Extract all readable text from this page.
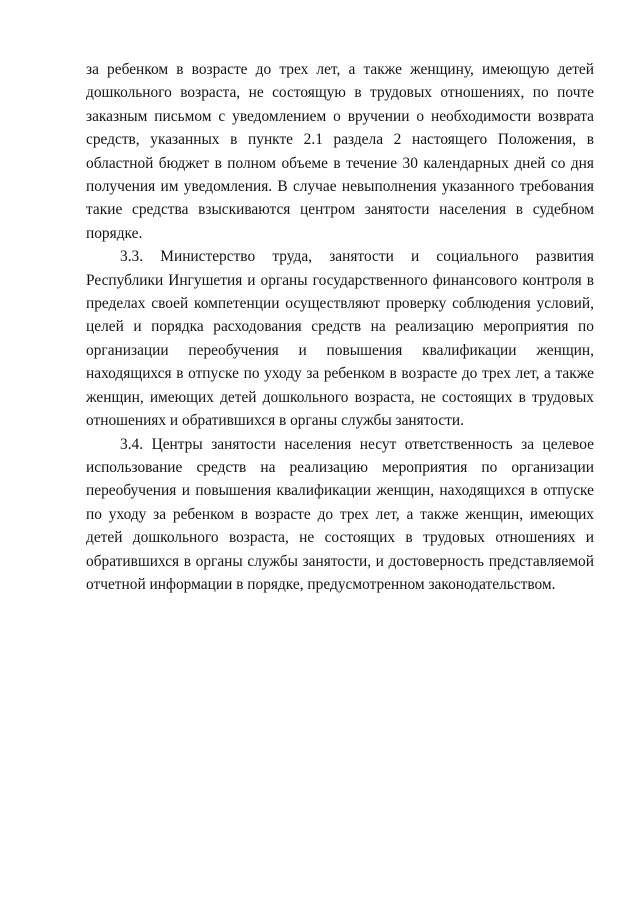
за ребенком в возрасте до трех лет, а также женщину, имеющую детей дошкольного возраста, не состоящую в трудовых отношениях, по почте заказным письмом с уведомлением о вручении о необходимости возврата средств, указанных в пункте 2.1 раздела 2 настоящего Положения, в областной бюджет в полном объеме в течение 30 календарных дней со дня получения им уведомления. В случае невыполнения указанного требования такие средства взыскиваются центром занятости населения в судебном порядке.

3.3. Министерство труда, занятости и социального развития Республики Ингушетия и органы государственного финансового контроля в пределах своей компетенции осуществляют проверку соблюдения условий, целей и порядка расходования средств на реализацию мероприятия по организации переобучения и повышения квалификации женщин, находящихся в отпуске по уходу за ребенком в возрасте до трех лет, а также женщин, имеющих детей дошкольного возраста, не состоящих в трудовых отношениях и обратившихся в органы службы занятости.

3.4. Центры занятости населения несут ответственность за целевое использование средств на реализацию мероприятия по организации переобучения и повышения квалификации женщин, находящихся в отпуске по уходу за ребенком в возрасте до трех лет, а также женщин, имеющих детей дошкольного возраста, не состоящих в трудовых отношениях и обратившихся в органы службы занятости, и достоверность представляемой отчетной информации в порядке, предусмотренном законодательством.
